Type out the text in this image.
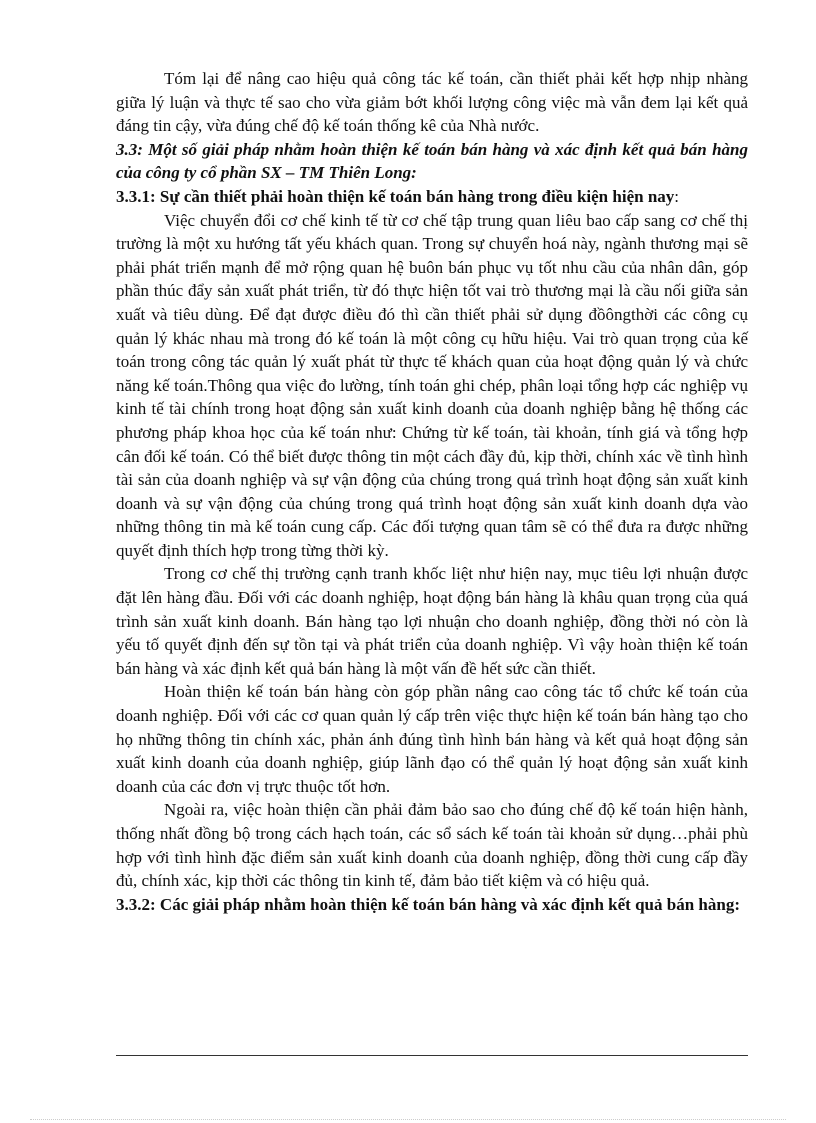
Tóm lại để nâng cao hiệu quả công tác kế toán, cần thiết phải kết hợp nhịp nhàng giữa lý luận và thực tế sao cho vừa giảm bớt khối lượng công việc mà vẫn đem lại kết quả đáng tin cậy, vừa đúng chế độ kế toán thống kê của Nhà nước.

3.3: Một số giải pháp nhằm hoàn thiện kế toán bán hàng và xác định kết quả bán hàng của công ty cổ phần SX – TM Thiên Long:

3.3.1: Sự cần thiết phải hoàn thiện kế toán bán hàng trong điều kiện hiện nay:

Việc chuyển đổi cơ chế kinh tế từ cơ chế tập trung quan liêu bao cấp sang cơ chế thị trường là một xu hướng tất yếu khách quan. Trong sự chuyển hoá này, ngành thương mại sẽ phải phát triển mạnh để mở rộng quan hệ buôn bán phục vụ tốt nhu cầu của nhân dân, góp phần thúc đẩy sản xuất phát triển, từ đó thực hiện tốt vai trò thương mại là cầu nối giữa sản xuất và tiêu dùng. Để đạt được điều đó thì cần thiết phải sử dụng đồôngthời các công cụ quản lý khác nhau mà trong đó kế toán là một công cụ hữu hiệu. Vai trò quan trọng của kế toán trong công tác quản lý xuất phát từ thực tế khách quan của hoạt động quản lý và chức năng kế toán.Thông qua việc đo lường, tính toán ghi chép, phân loại tổng hợp các nghiệp vụ kinh tế tài chính trong hoạt động sản xuất kinh doanh của doanh nghiệp bằng hệ thống các phương pháp khoa học của kế toán như: Chứng từ kế toán, tài khoản, tính giá và tổng hợp cân đối kế toán. Có thể biết được thông tin một cách đầy đủ, kịp thời, chính xác về tình hình tài sản của doanh nghiệp và sự vận động của chúng trong quá trình hoạt động sản xuất kinh doanh và sự vận động của chúng trong quá trình hoạt động sản xuất kinh doanh dựa vào những thông tin mà kế toán cung cấp. Các đối tượng quan tâm sẽ có thể đưa ra được những quyết định thích hợp trong từng thời kỳ.

Trong cơ chế thị trường cạnh tranh khốc liệt như hiện nay, mục tiêu lợi nhuận được đặt lên hàng đầu. Đối với các doanh nghiệp, hoạt động bán hàng là khâu quan trọng của quá trình sản xuất kinh doanh. Bán hàng tạo lợi nhuận cho doanh nghiệp, đồng thời nó còn là yếu tố quyết định đến sự tồn tại và phát triển của doanh nghiệp. Vì vậy hoàn thiện kế toán bán hàng và xác định kết quả bán hàng là một vấn đề hết sức cần thiết.

Hoàn thiện kế toán bán hàng còn góp phần nâng cao công tác tổ chức kế toán của doanh nghiệp. Đối với các cơ quan quản lý cấp trên việc thực hiện kế toán bán hàng tạo cho họ những thông tin chính xác, phản ánh đúng tình hình bán hàng và kết quả hoạt động sản xuất kinh doanh của doanh nghiệp, giúp lãnh đạo có thể quản lý hoạt động sản xuất kinh doanh của các đơn vị trực thuộc tốt hơn.

Ngoài ra, việc hoàn thiện cần phải đảm bảo sao cho đúng chế độ kế toán hiện hành, thống nhất đồng bộ trong cách hạch toán, các sổ sách kế toán tài khoản sử dụng…phải phù hợp với tình hình đặc điểm sản xuất kinh doanh của doanh nghiệp, đồng thời cung cấp đầy đủ, chính xác, kịp thời các thông tin kinh tế, đảm bảo tiết kiệm và có hiệu quả.

3.3.2: Các giải pháp nhằm hoàn thiện kế toán bán hàng và xác định kết quả bán hàng:
